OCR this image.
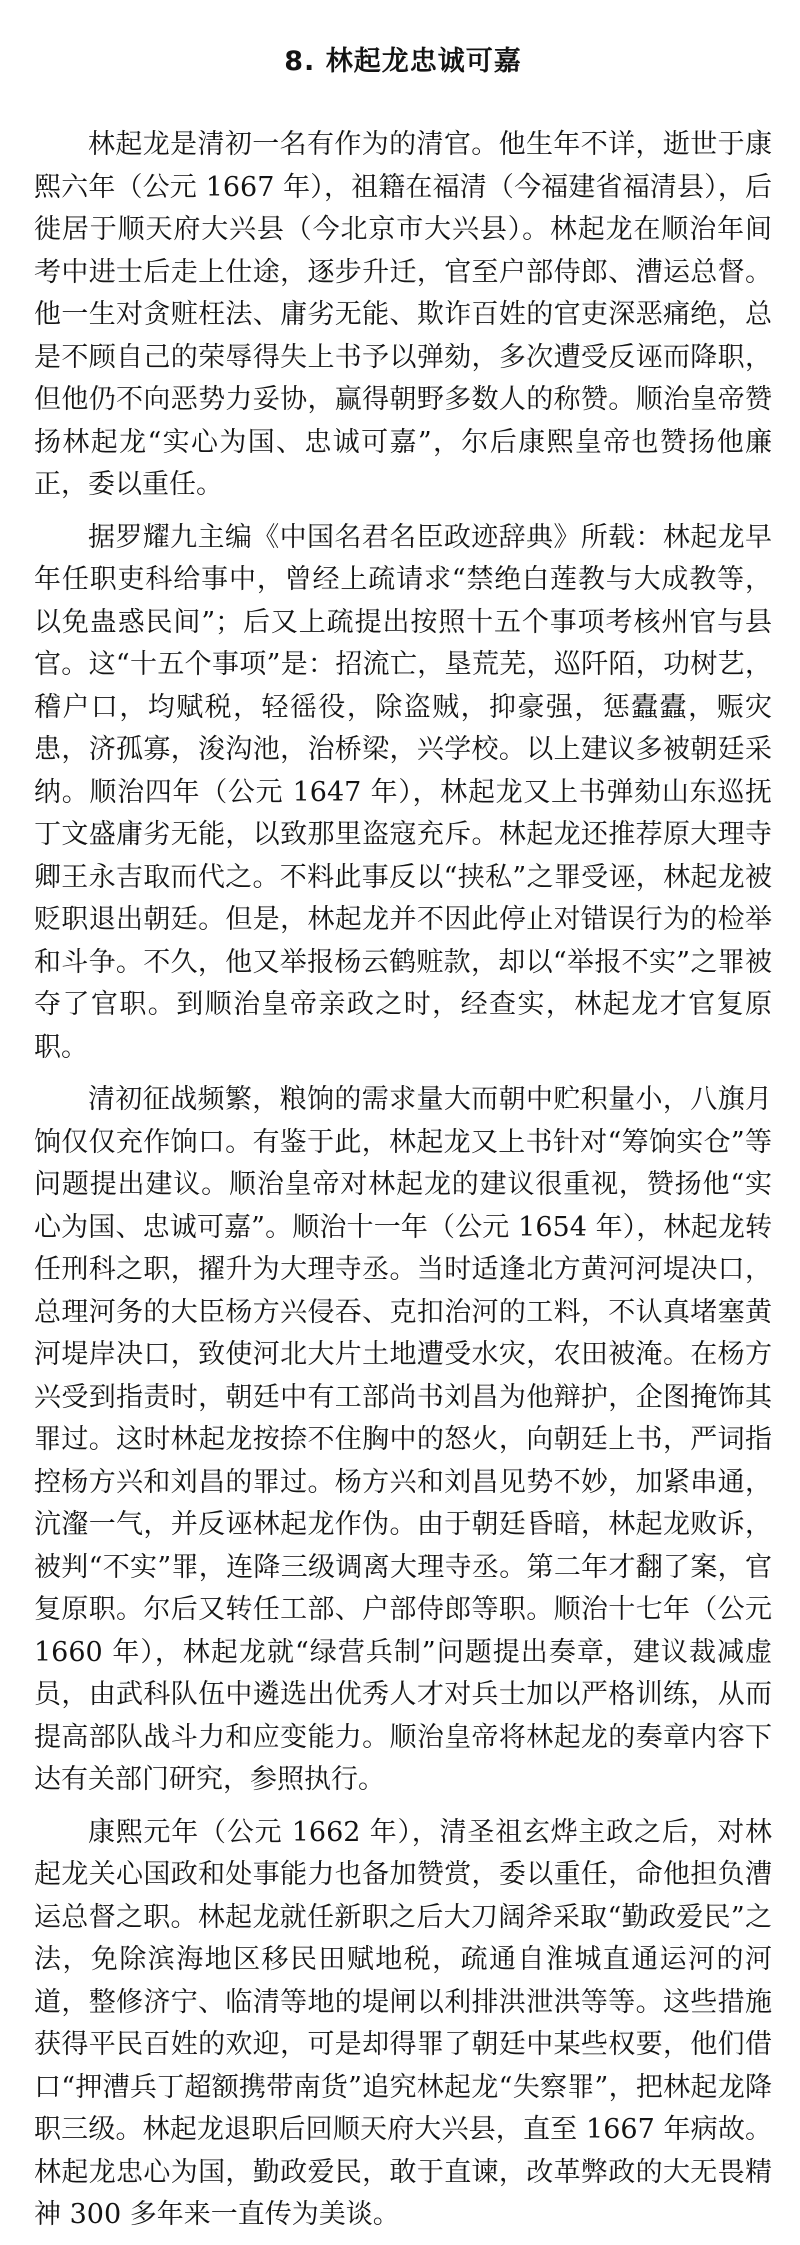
8. 林起龙忠诚可嘉

林起龙是清初一名有作为的清官。他生年不详，逝世于康熙六年（公元 1667 年），祖籍在福清（今福建省福清县），后徙居于顺天府大兴县（今北京市大兴县）。林起龙在顺治年间考中进士后走上仕途，逐步升迁，官至户部侍郎、漕运总督。他一生对贪赃枉法、庸劣无能、欺诈百姓的官吏深恶痛绝，总是不顾自己的荣辱得失上书予以弹劾，多次遭受反诬而降职，但他仍不向恶势力妥协，赢得朝野多数人的称赞。顺治皇帝赞扬林起龙“实心为国、忠诚可嘉”，尔后康熙皇帝也赞扬他廉正，委以重任。

据罗耀九主编《中国名君名臣政迹辞典》所载：林起龙早年任职吏科给事中，曾经上疏请求“禁绝白莲教与大成教等，以免蛊惑民间”；后又上疏提出按照十五个事项考核州官与县官。这“十五个事项”是：招流亡，垦荒芜，巡阡陌，功树艺，稽户口，均赋税，轻徭役，除盗贼，抑豪强，惩蠹蠹，赈灾患，济孤寡，浚沟池，治桥梁，兴学校。以上建议多被朝廷采纳。顺治四年（公元 1647 年），林起龙又上书弹劾山东巡抚丁文盛庸劣无能，以致那里盗寇充斥。林起龙还推荐原大理寺卿王永吉取而代之。不料此事反以“挟私”之罪受诬，林起龙被贬职退出朝廷。但是，林起龙并不因此停止对错误行为的检举和斗争。不久，他又举报杨云鹤赃款，却以“举报不实”之罪被夺了官职。到顺治皇帝亲政之时，经查实，林起龙才官复原职。

清初征战频繁，粮饷的需求量大而朝中贮积量小，八旗月饷仅仅充作饷口。有鉴于此，林起龙又上书针对“筹饷实仓”等问题提出建议。顺治皇帝对林起龙的建议很重视，赞扬他“实心为国、忠诚可嘉”。顺治十一年（公元 1654 年），林起龙转任刑科之职，擢升为大理寺丞。当时适逢北方黄河河堤决口，总理河务的大臣杨方兴侵吞、克扣治河的工料，不认真堵塞黄河堤岸决口，致使河北大片土地遭受水灾，农田被淹。在杨方兴受到指责时，朝廷中有工部尚书刘昌为他辩护，企图掩饰其罪过。这时林起龙按捺不住胸中的怒火，向朝廷上书，严词指控杨方兴和刘昌的罪过。杨方兴和刘昌见势不妙，加紧串通，沆瀣一气，并反诬林起龙作伪。由于朝廷昏暗，林起龙败诉，被判“不实”罪，连降三级调离大理寺丞。第二年才翻了案，官复原职。尔后又转任工部、户部侍郎等职。顺治十七年（公元 1660 年），林起龙就“绿营兵制”问题提出奏章，建议裁减虚员，由武科队伍中遴选出优秀人才对兵士加以严格训练，从而提高部队战斗力和应变能力。顺治皇帝将林起龙的奏章内容下达有关部门研究，参照执行。

康熙元年（公元 1662 年），清圣祖玄烨主政之后，对林起龙关心国政和处事能力也备加赞赏，委以重任，命他担负漕运总督之职。林起龙就任新职之后大刀阔斧采取“勤政爱民”之法，免除滨海地区移民田赋地税，疏通自淮城直通运河的河道，整修济宁、临清等地的堤闸以利排洪泄洪等等。这些措施获得平民百姓的欢迎，可是却得罪了朝廷中某些权要，他们借口“押漕兵丁超额携带南货”追究林起龙“失察罪”，把林起龙降职三级。林起龙退职后回顺天府大兴县，直至 1667 年病故。林起龙忠心为国，勤政爱民，敢于直谏，改革弊政的大无畏精神 300 多年来一直传为美谈。
